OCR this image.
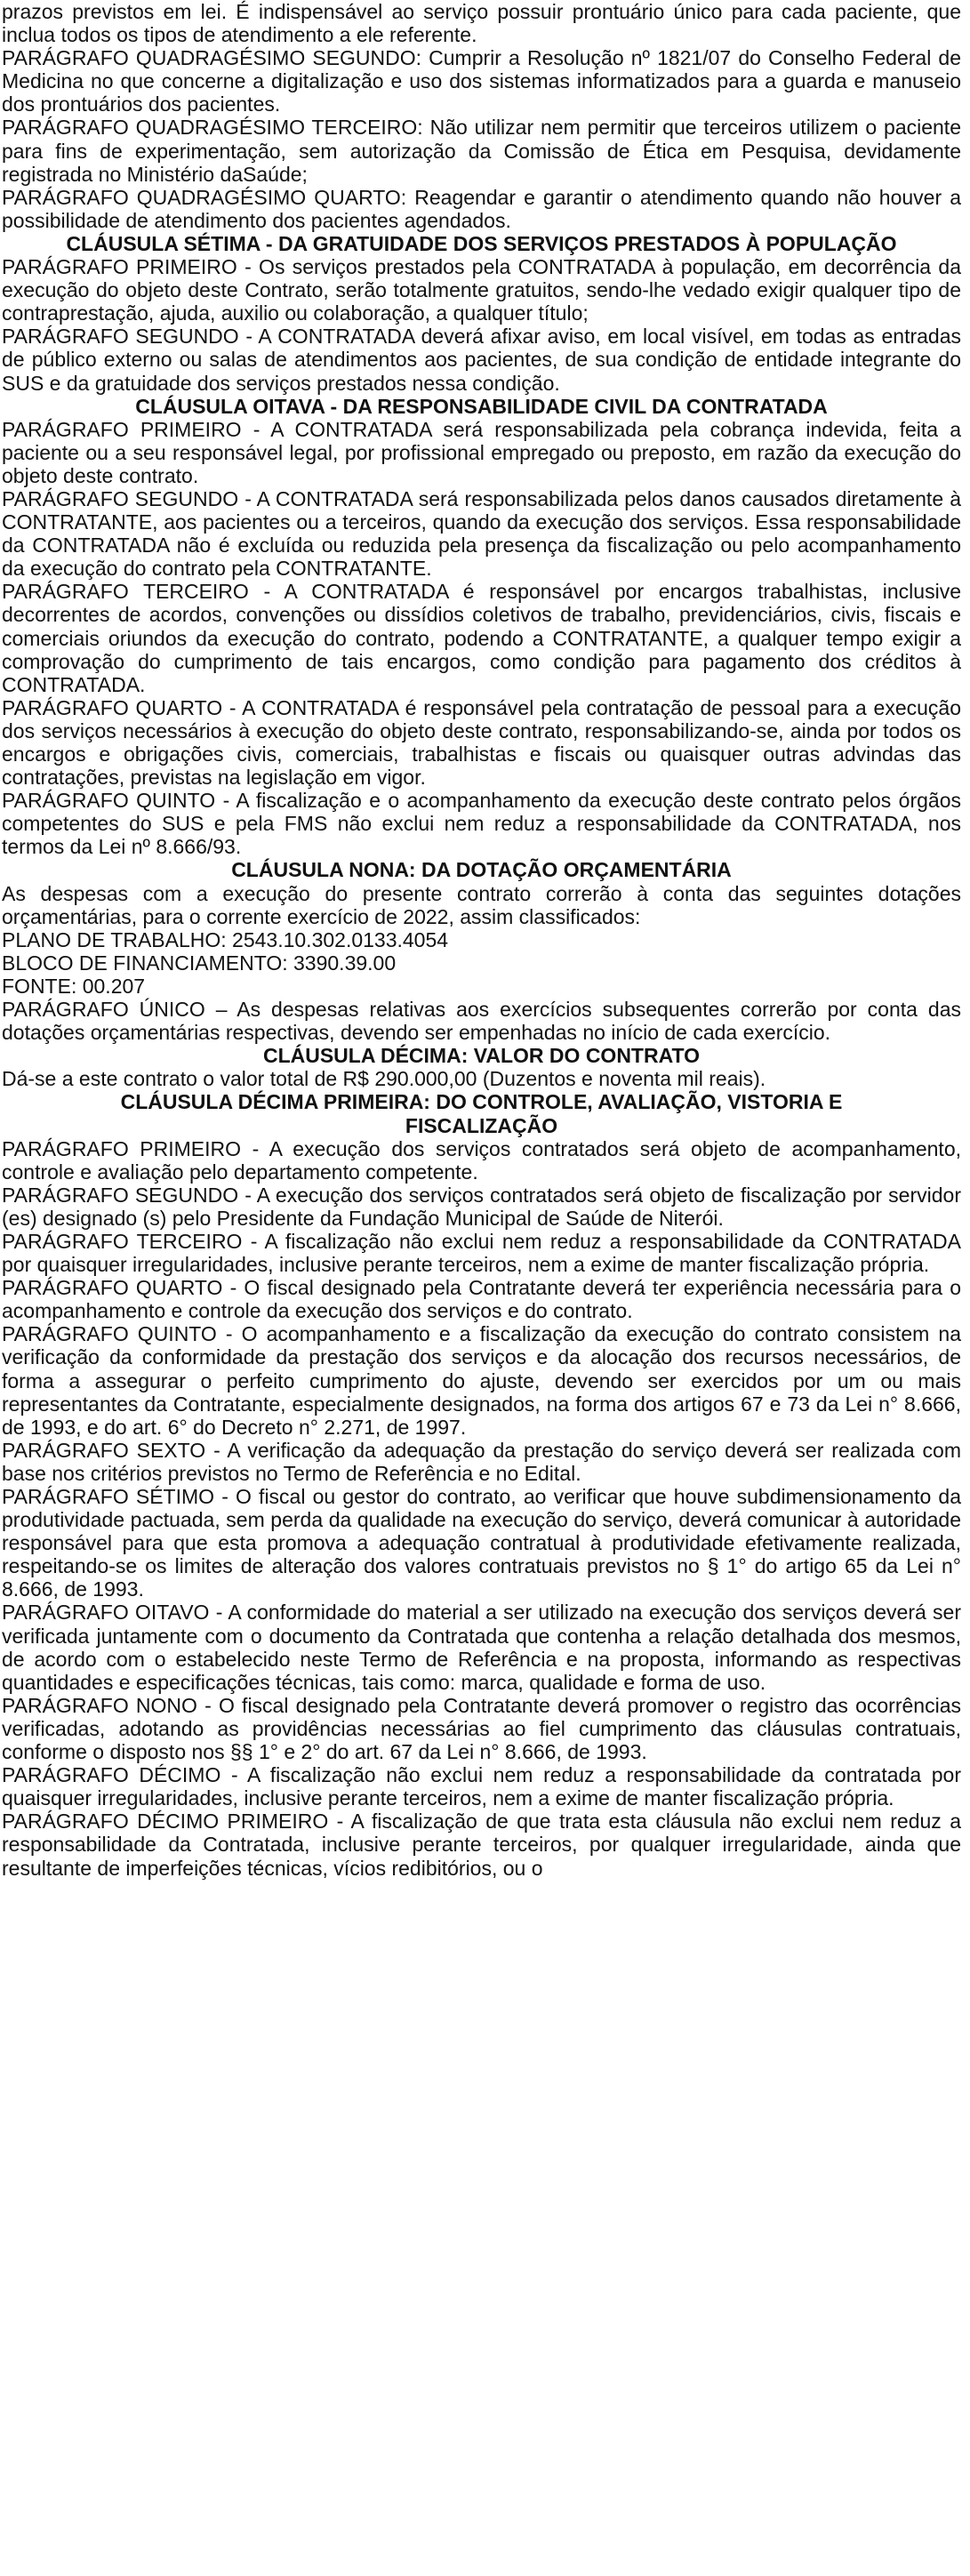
prazos previstos em lei. É indispensável ao serviço possuir prontuário único para cada paciente, que inclua todos os tipos de atendimento a ele referente.

PARÁGRAFO QUADRAGÉSIMO SEGUNDO: Cumprir a Resolução nº 1821/07 do Conselho Federal de Medicina no que concerne a digitalização e uso dos sistemas informatizados para a guarda e manuseio dos prontuários dos pacientes.

PARÁGRAFO QUADRAGÉSIMO TERCEIRO: Não utilizar nem permitir que terceiros utilizem o paciente para fins de experimentação, sem autorização da Comissão de Ética em Pesquisa, devidamente registrada no Ministério daSaúde;

PARÁGRAFO QUADRAGÉSIMO QUARTO: Reagendar e garantir o atendimento quando não houver a possibilidade de atendimento dos pacientes agendados.

CLÁUSULA SÉTIMA - DA GRATUIDADE DOS SERVIÇOS PRESTADOS À POPULAÇÃO

PARÁGRAFO PRIMEIRO - Os serviços prestados pela CONTRATADA à população, em decorrência da execução do objeto deste Contrato, serão totalmente gratuitos, sendo-lhe vedado exigir qualquer tipo de contraprestação, ajuda, auxilio ou colaboração, a qualquer título;

PARÁGRAFO SEGUNDO - A CONTRATADA deverá afixar aviso, em local visível, em todas as entradas de público externo ou salas de atendimentos aos pacientes, de sua condição de entidade integrante do SUS e da gratuidade dos serviços prestados nessa condição.

CLÁUSULA OITAVA - DA RESPONSABILIDADE CIVIL DA CONTRATADA

PARÁGRAFO PRIMEIRO - A CONTRATADA será responsabilizada pela cobrança indevida, feita a paciente ou a seu responsável legal, por profissional empregado ou preposto, em razão da execução do objeto deste contrato.

PARÁGRAFO SEGUNDO - A CONTRATADA será responsabilizada pelos danos causados diretamente à CONTRATANTE, aos pacientes ou a terceiros, quando da execução dos serviços. Essa responsabilidade da CONTRATADA não é excluída ou reduzida pela presença da fiscalização ou pelo acompanhamento da execução do contrato pela CONTRATANTE.

PARÁGRAFO TERCEIRO - A CONTRATADA é responsável por encargos trabalhistas, inclusive decorrentes de acordos, convenções ou dissídios coletivos de trabalho, previdenciários, civis, fiscais e comerciais oriundos da execução do contrato, podendo a CONTRATANTE, a qualquer tempo exigir a comprovação do cumprimento de tais encargos, como condição para pagamento dos créditos à CONTRATADA.

PARÁGRAFO QUARTO - A CONTRATADA é responsável pela contratação de pessoal para a execução dos serviços necessários à execução do objeto deste contrato, responsabilizando-se, ainda por todos os encargos e obrigações civis, comerciais, trabalhistas e fiscais ou quaisquer outras advindas das contratações, previstas na legislação em vigor.

PARÁGRAFO QUINTO - A fiscalização e o acompanhamento da execução deste contrato pelos órgãos competentes do SUS e pela FMS não exclui nem reduz a responsabilidade da CONTRATADA, nos termos da Lei nº 8.666/93.

CLÁUSULA NONA: DA DOTAÇÃO ORÇAMENTÁRIA

As despesas com a execução do presente contrato correrão à conta das seguintes dotações orçamentárias, para o corrente exercício de 2022, assim classificados:

PLANO DE TRABALHO: 2543.10.302.0133.4054

BLOCO DE FINANCIAMENTO: 3390.39.00

FONTE: 00.207

PARÁGRAFO ÚNICO – As despesas relativas aos exercícios subsequentes correrão por conta das dotações orçamentárias respectivas, devendo ser empenhadas no início de cada exercício.

CLÁUSULA DÉCIMA: VALOR DO CONTRATO

Dá-se a este contrato o valor total de R$ 290.000,00 (Duzentos e noventa mil reais).

CLÁUSULA DÉCIMA PRIMEIRA: DO CONTROLE, AVALIAÇÃO, VISTORIA E FISCALIZAÇÃO

PARÁGRAFO PRIMEIRO - A execução dos serviços contratados será objeto de acompanhamento, controle e avaliação pelo departamento competente.

PARÁGRAFO SEGUNDO - A execução dos serviços contratados será objeto de fiscalização por servidor (es) designado (s) pelo Presidente da Fundação Municipal de Saúde de Niterói.

PARÁGRAFO TERCEIRO - A fiscalização não exclui nem reduz a responsabilidade da CONTRATADA por quaisquer irregularidades, inclusive perante terceiros, nem a exime de manter fiscalização própria.

PARÁGRAFO QUARTO - O fiscal designado pela Contratante deverá ter experiência necessária para o acompanhamento e controle da execução dos serviços e do contrato.

PARÁGRAFO QUINTO - O acompanhamento e a fiscalização da execução do contrato consistem na verificação da conformidade da prestação dos serviços e da alocação dos recursos necessários, de forma a assegurar o perfeito cumprimento do ajuste, devendo ser exercidos por um ou mais representantes da Contratante, especialmente designados, na forma dos artigos 67 e 73 da Lei n° 8.666, de 1993, e do art. 6° do Decreto n° 2.271, de 1997.

PARÁGRAFO SEXTO - A verificação da adequação da prestação do serviço deverá ser realizada com base nos critérios previstos no Termo de Referência e no Edital.

PARÁGRAFO SÉTIMO - O fiscal ou gestor do contrato, ao verificar que houve subdimensionamento da produtividade pactuada, sem perda da qualidade na execução do serviço, deverá comunicar à autoridade responsável para que esta promova a adequação contratual à produtividade efetivamente realizada, respeitando-se os limites de alteração dos valores contratuais previstos no § 1° do artigo 65 da Lei n° 8.666, de 1993.

PARÁGRAFO OITAVO - A conformidade do material a ser utilizado na execução dos serviços deverá ser verificada juntamente com o documento da Contratada que contenha a relação detalhada dos mesmos, de acordo com o estabelecido neste Termo de Referência e na proposta, informando as respectivas quantidades e especificações técnicas, tais como: marca, qualidade e forma de uso.

PARÁGRAFO NONO - O fiscal designado pela Contratante deverá promover o registro das ocorrências verificadas, adotando as providências necessárias ao fiel cumprimento das cláusulas contratuais, conforme o disposto nos §§ 1° e 2° do art. 67 da Lei n° 8.666, de 1993.

PARÁGRAFO DÉCIMO - A fiscalização não exclui nem reduz a responsabilidade da contratada por quaisquer irregularidades, inclusive perante terceiros, nem a exime de manter fiscalização própria.

PARÁGRAFO DÉCIMO PRIMEIRO - A fiscalização de que trata esta cláusula não exclui nem reduz a responsabilidade da Contratada, inclusive perante terceiros, por qualquer irregularidade, ainda que resultante de imperfeições técnicas, vícios redibitórios, ou o
